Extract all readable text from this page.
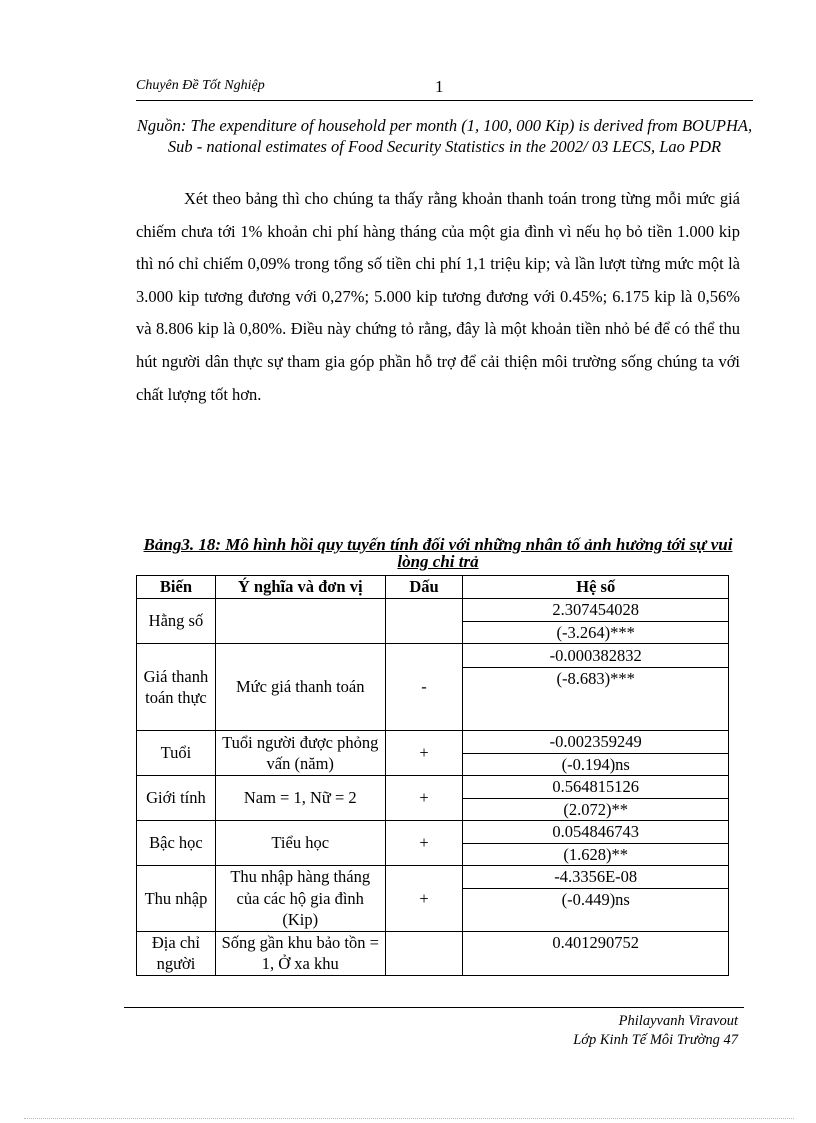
Chuyên Đề Tốt Nghiệp	1
Nguồn: The expenditure of household per month (1, 100, 000 Kip) is derived from BOUPHA, Sub - national estimates of Food Security Statistics in the 2002/ 03 LECS, Lao PDR

Xét theo bảng thì cho chúng ta thấy rằng khoản thanh toán trong từng mỗi mức giá chiếm chưa tới 1% khoản chi phí hàng tháng của một gia đình vì nếu họ bỏ tiền 1.000 kip thì nó chỉ chiếm 0,09% trong tổng số tiền chi phí 1,1 triệu kip; và lần lượt từng mức một là 3.000 kip tương đương với 0,27%; 5.000 kip tương đương với 0.45%; 6.175 kip là 0,56% và 8.806 kip là 0,80%. Điều này chứng tỏ rằng, đây là một khoản tiền nhỏ bé để có thể thu hút người dân thực sự tham gia góp phần hỗ trợ để cải thiện môi trường sống chúng ta với chất lượng tốt hơn.

Bảng3. 18: Mô hình hồi quy tuyến tính đối với những nhân tố ảnh hưởng tới sự vui lòng chi trả
Biến	Ý nghĩa và đơn vị	Dấu	Hệ số
Hằng số			2.307454028
			(-3.264)***
Giá thanh toán thực	Mức giá thanh toán	-	-0.000382832
			(-8.683)***
Tuổi	Tuổi người được phỏng vấn (năm)	+	-0.002359249
			(-0.194)ns
Giới tính	Nam = 1, Nữ = 2	+	0.564815126
			(2.072)**
Bậc học	Tiểu học	+	0.054846743
			(1.628)**
Thu nhập	Thu nhập hàng tháng của các hộ gia đình (Kip)	+	-4.3356E-08
			(-0.449)ns
Địa chỉ người	Sống gần khu bảo tồn = 1, Ở xa khu		0.401290752
Philayvanh Viravout
Lớp Kinh Tế Môi Trường 47
